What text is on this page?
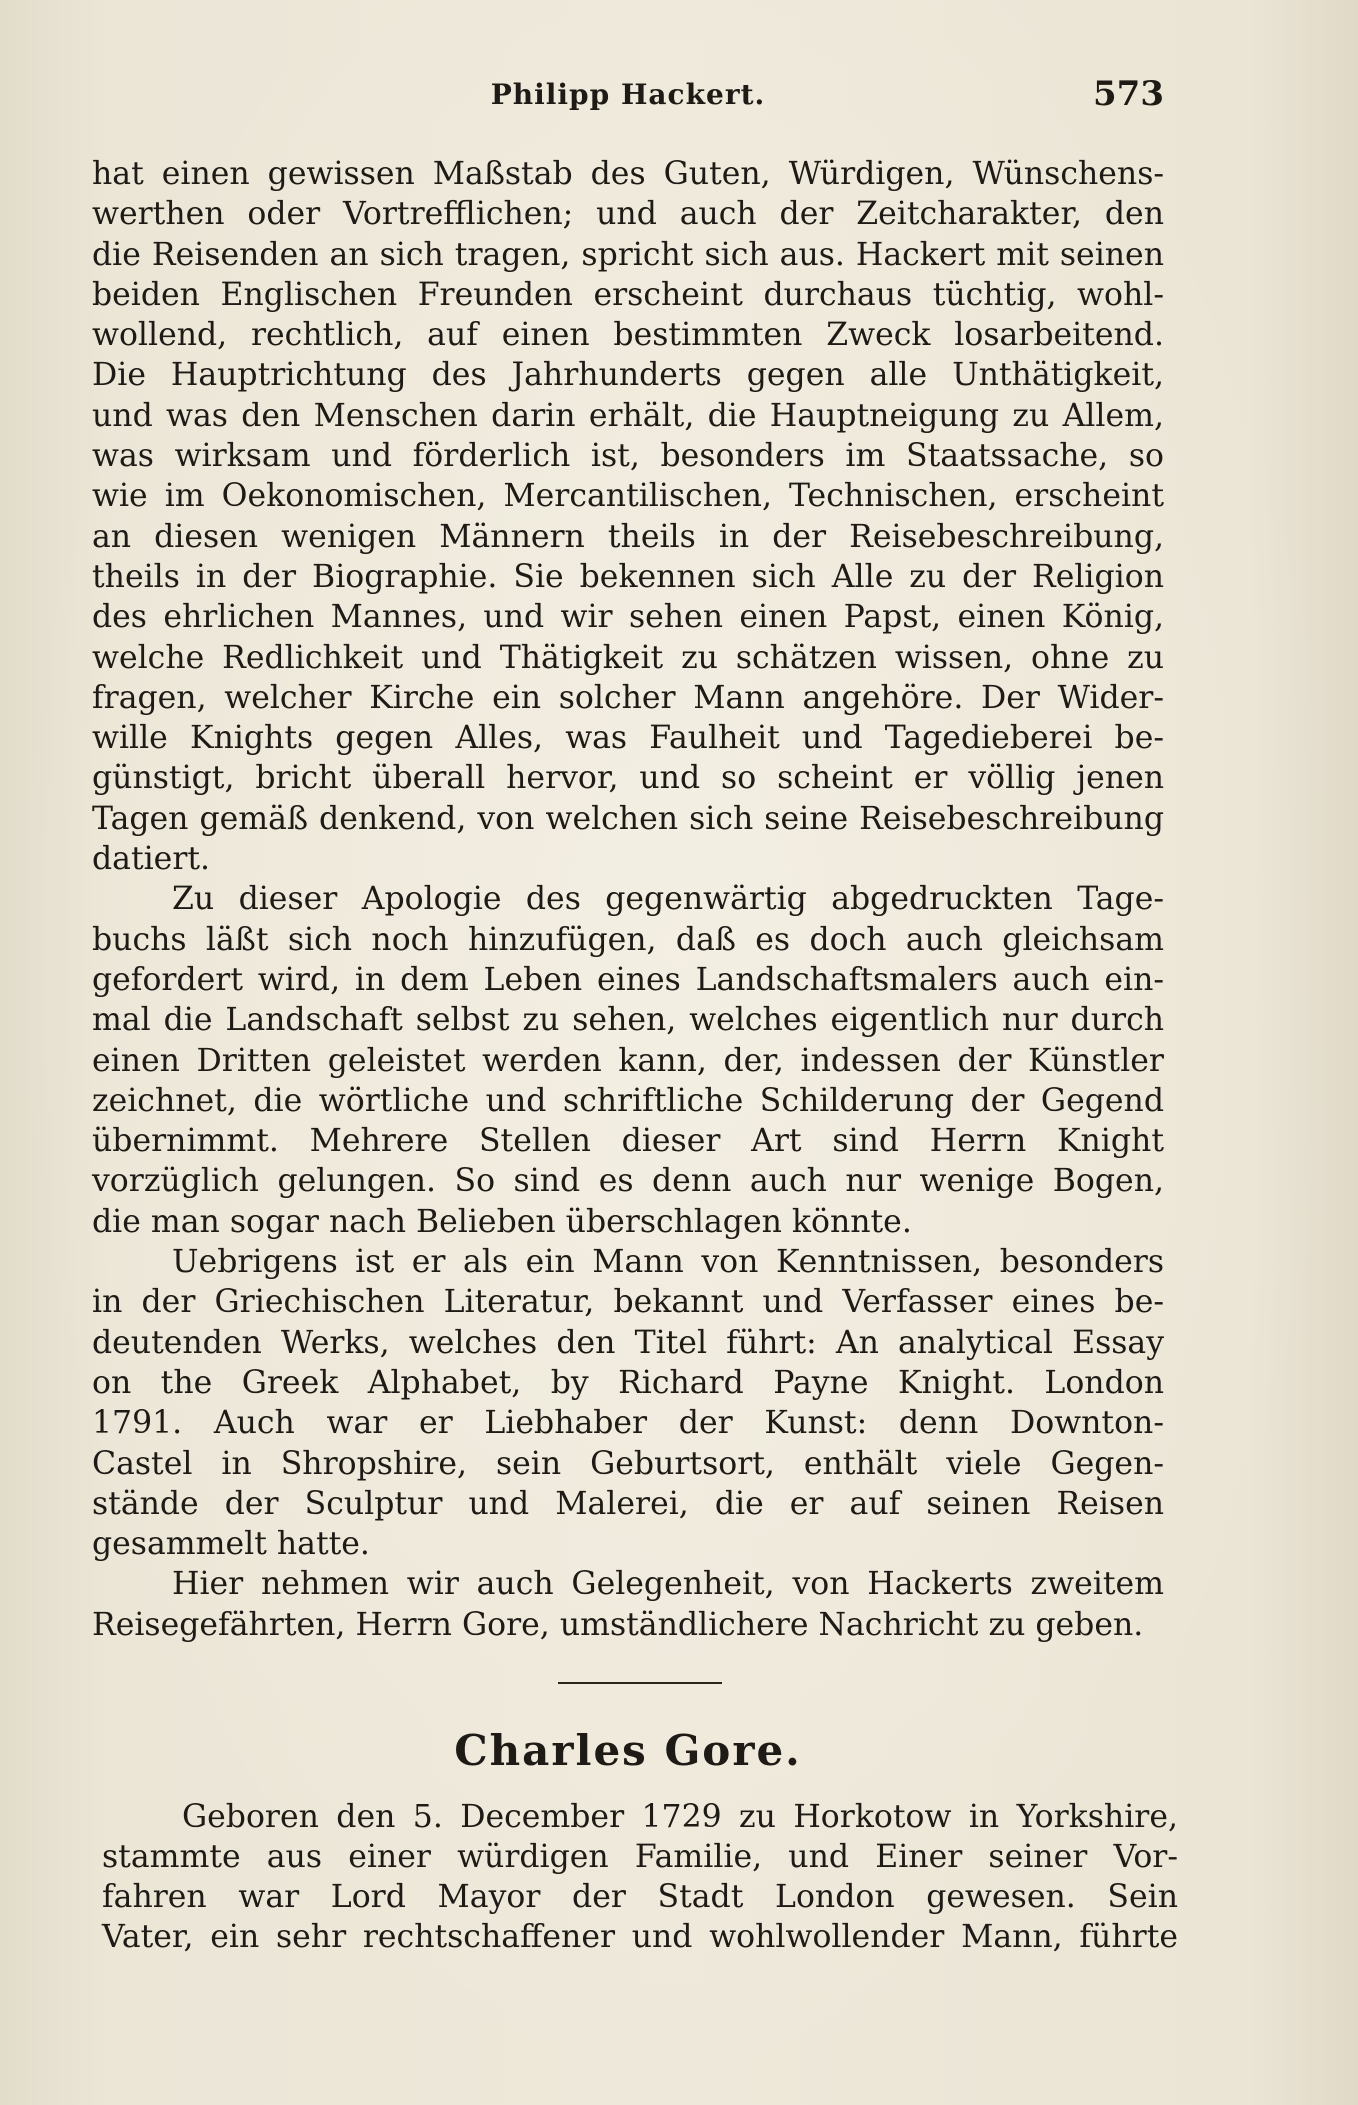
Philipp Hackert.	573
hat einen gewissen Maßstab des Guten, Würdigen, Wünschens-
werthen oder Vortrefflichen; und auch der Zeitcharakter, den
die Reisenden an sich tragen, spricht sich aus. Hackert mit seinen
beiden Englischen Freunden erscheint durchaus tüchtig, wohl-
wollend, rechtlich, auf einen bestimmten Zweck losarbeitend.
Die Hauptrichtung des Jahrhunderts gegen alle Unthätigkeit,
und was den Menschen darin erhält, die Hauptneigung zu Allem,
was wirksam und förderlich ist, besonders im Staatssache, so
wie im Oekonomischen, Mercantilischen, Technischen, erscheint
an diesen wenigen Männern theils in der Reisebeschreibung,
theils in der Biographie. Sie bekennen sich Alle zu der Religion
des ehrlichen Mannes, und wir sehen einen Papst, einen König,
welche Redlichkeit und Thätigkeit zu schätzen wissen, ohne zu
fragen, welcher Kirche ein solcher Mann angehöre. Der Wider-
wille Knights gegen Alles, was Faulheit und Tagedieberei be-
günstigt, bricht überall hervor, und so scheint er völlig jenen
Tagen gemäß denkend, von welchen sich seine Reisebeschreibung
datiert.
Zu dieser Apologie des gegenwärtig abgedruckten Tage-
buchs läßt sich noch hinzufügen, daß es doch auch gleichsam
gefordert wird, in dem Leben eines Landschaftsmalers auch ein-
mal die Landschaft selbst zu sehen, welches eigentlich nur durch
einen Dritten geleistet werden kann, der, indessen der Künstler
zeichnet, die wörtliche und schriftliche Schilderung der Gegend
übernimmt. Mehrere Stellen dieser Art sind Herrn Knight
vorzüglich gelungen. So sind es denn auch nur wenige Bogen,
die man sogar nach Belieben überschlagen könnte.
Uebrigens ist er als ein Mann von Kenntnissen, besonders
in der Griechischen Literatur, bekannt und Verfasser eines be-
deutenden Werks, welches den Titel führt: An analytical Essay
on the Greek Alphabet, by Richard Payne Knight. London
1791. Auch war er Liebhaber der Kunst: denn Downton-
Castel in Shropshire, sein Geburtsort, enthält viele Gegen-
stände der Sculptur und Malerei, die er auf seinen Reisen
gesammelt hatte.
Hier nehmen wir auch Gelegenheit, von Hackerts zweitem
Reisegefährten, Herrn Gore, umständlichere Nachricht zu geben.
Charles Gore.
Geboren den 5. December 1729 zu Horkotow in Yorkshire,
stammte aus einer würdigen Familie, und Einer seiner Vor-
fahren war Lord Mayor der Stadt London gewesen. Sein
Vater, ein sehr rechtschaffener und wohlwollender Mann, führte
